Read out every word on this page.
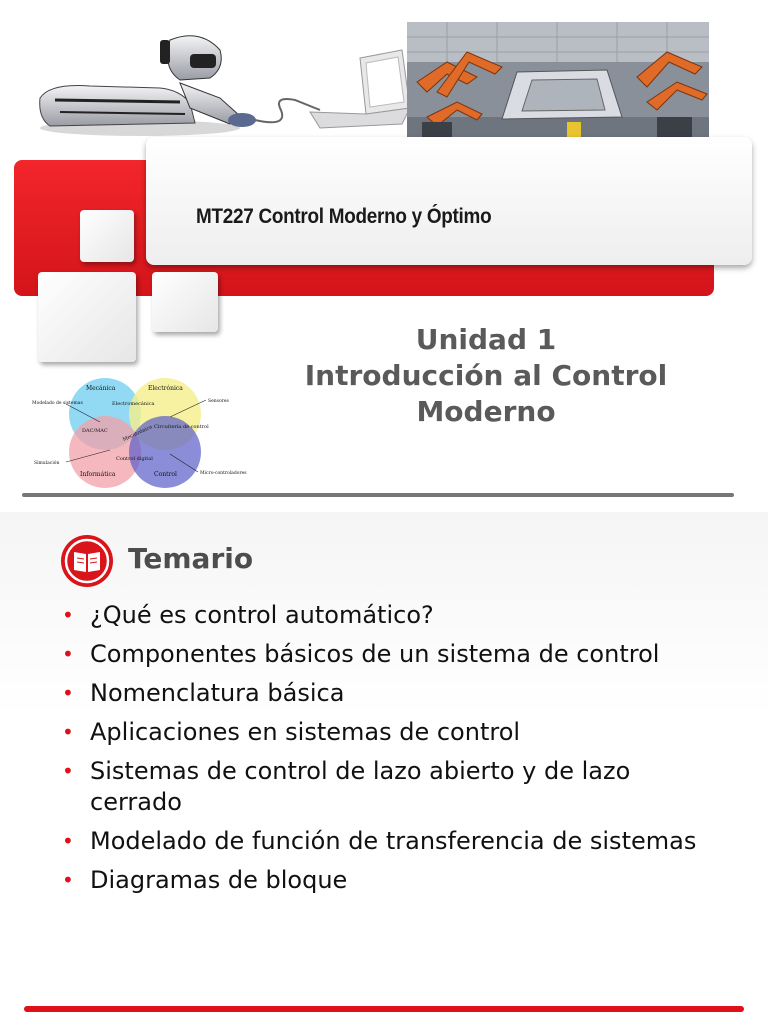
MT227 Control Moderno y Óptimo
Unidad 1
Introducción al Control
Moderno
Mecánica	Electrónica
Informática	Control
Electromecánica
Circuitería de control
DAC/MAC
Control digital
Mecatrónica
Modelado de sistemas	Sensores
Simulación
Micro-controladores
Temario
• ¿Qué es control automático?
• Componentes básicos de un sistema de control
• Nomenclatura básica
• Aplicaciones en sistemas de control
• Sistemas de control de lazo abierto y de lazo cerrado
• Modelado de función de transferencia de sistemas
• Diagramas de bloque
